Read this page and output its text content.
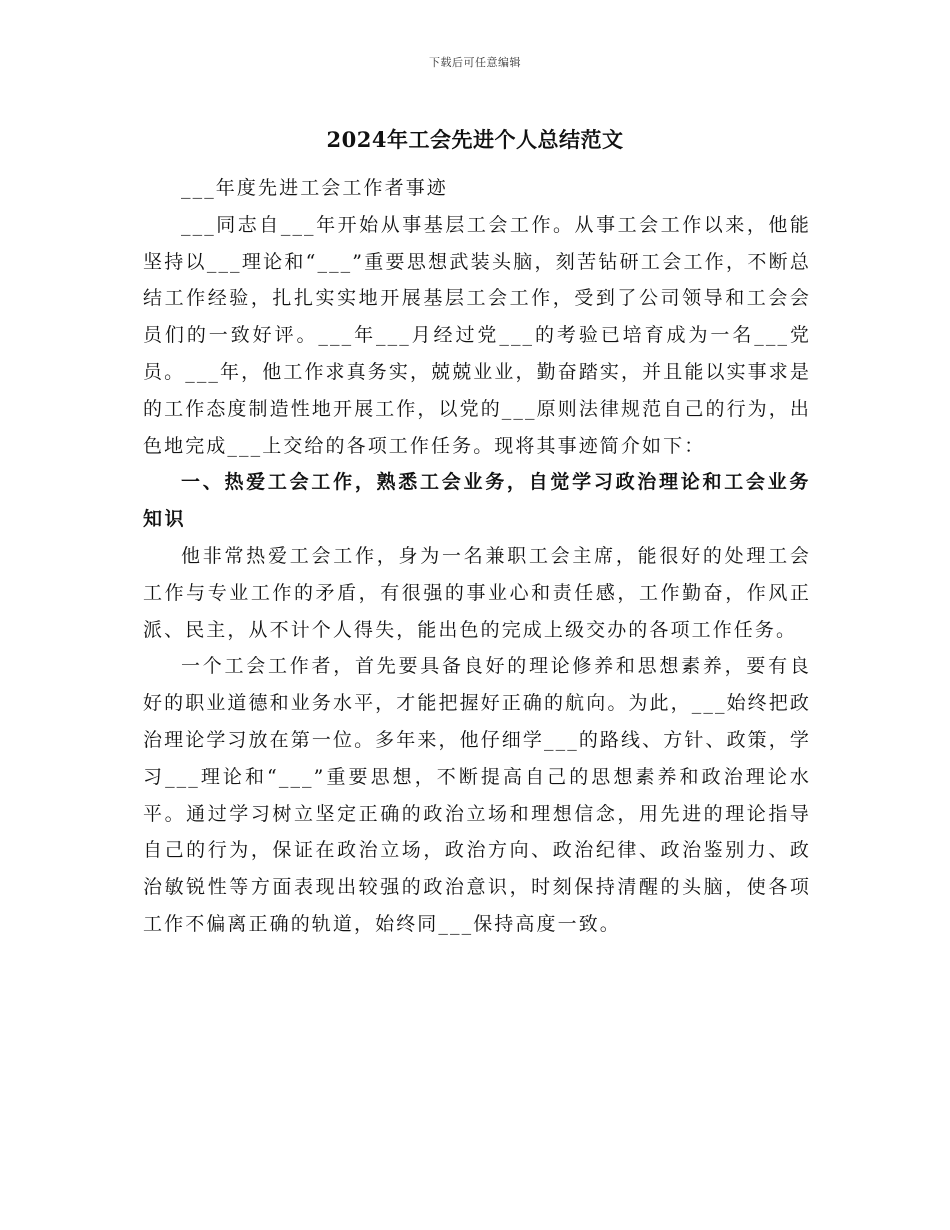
下载后可任意编辑
2024年工会先进个人总结范文

___年度先进工会工作者事迹

___同志自___年开始从事基层工会工作。从事工会工作以来，他能坚持以___理论和“___”重要思想武装头脑，刻苦钻研工会工作，不断总结工作经验，扎扎实实地开展基层工会工作，受到了公司领导和工会会员们的一致好评。___年___月经过党___的考验已培育成为一名___党员。___年，他工作求真务实，兢兢业业，勤奋踏实，并且能以实事求是的工作态度制造性地开展工作，以党的___原则法律规范自己的行为，出色地完成___上交给的各项工作任务。现将其事迹简介如下：

一、热爱工会工作，熟悉工会业务，自觉学习政治理论和工会业务知识

他非常热爱工会工作，身为一名兼职工会主席，能很好的处理工会工作与专业工作的矛盾，有很强的事业心和责任感，工作勤奋，作风正派、民主，从不计个人得失，能出色的完成上级交办的各项工作任务。

一个工会工作者，首先要具备良好的理论修养和思想素养，要有良好的职业道德和业务水平，才能把握好正确的航向。为此，___始终把政治理论学习放在第一位。多年来，他仔细学___的路线、方针、政策，学习___理论和“___”重要思想，不断提高自己的思想素养和政治理论水平。通过学习树立坚定正确的政治立场和理想信念，用先进的理论指导自己的行为，保证在政治立场，政治方向、政治纪律、政治鉴别力、政治敏锐性等方面表现出较强的政治意识，时刻保持清醒的头脑，使各项工作不偏离正确的轨道，始终同___保持高度一致。
